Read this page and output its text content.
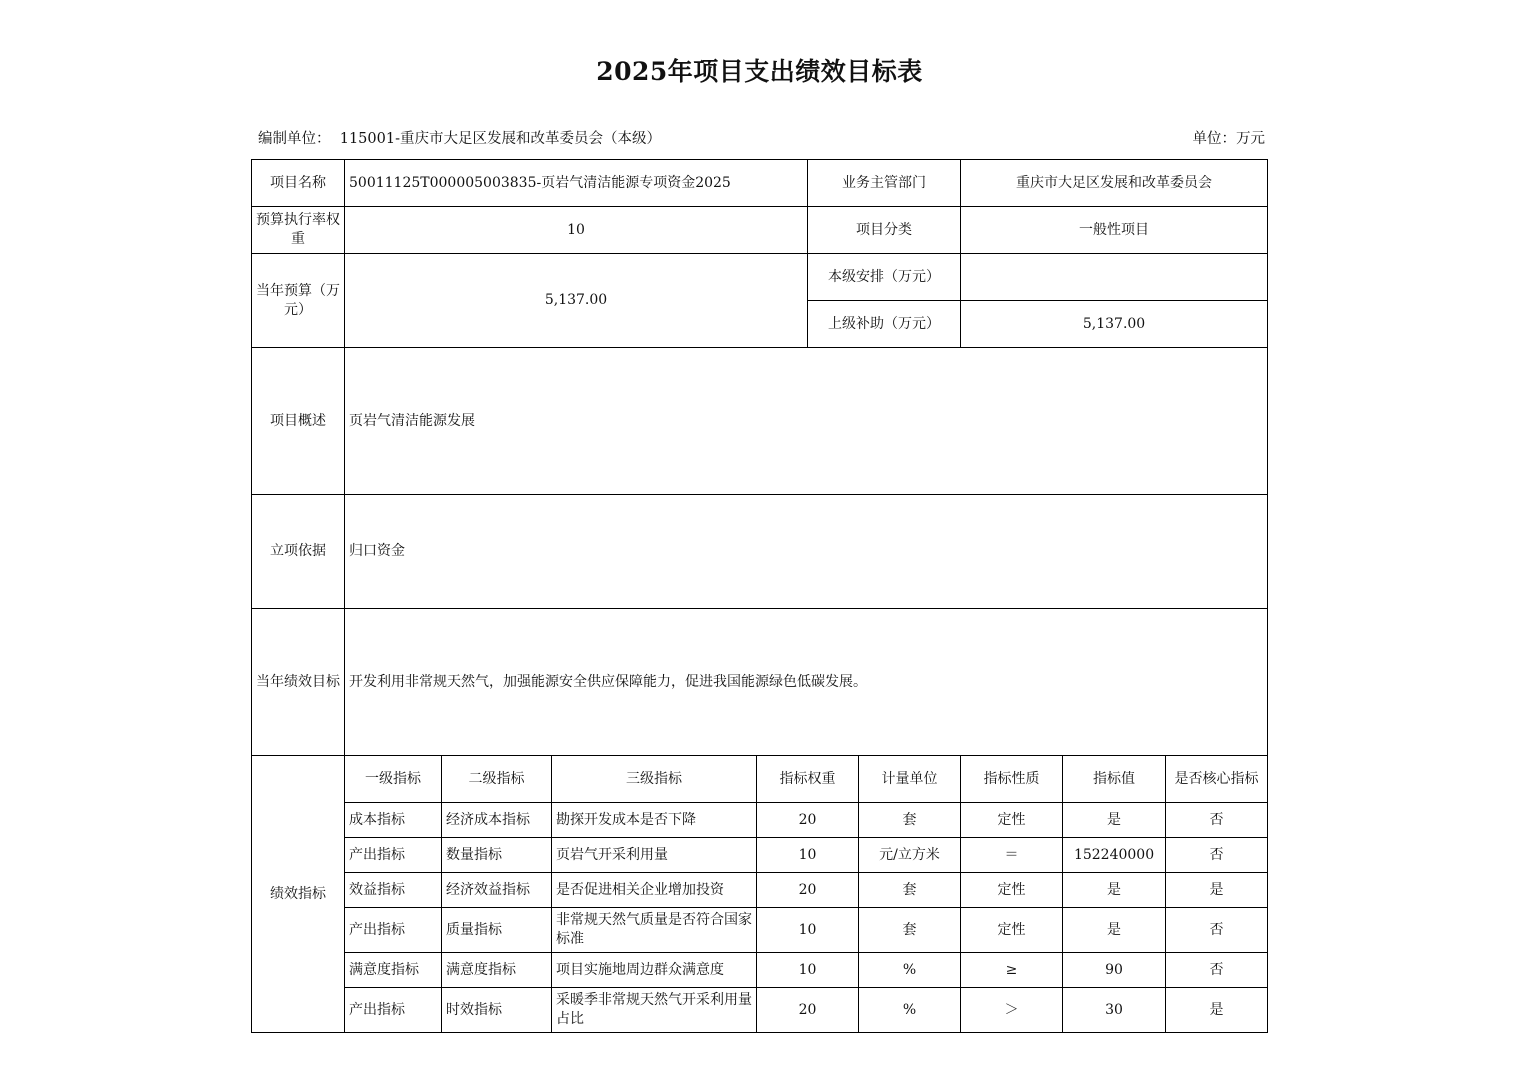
2025年项目支出绩效目标表
编制单位： 115001-重庆市大足区发展和改革委员会（本级）	单位：万元
项目名称	50011125T000005003835-页岩气清洁能源专项资金2025				业务主管部门		重庆市大足区发展和改革委员会		
预算执行率权重	10				项目分类		一般性项目		
当年预算（万元）	5,137.00				本级安排（万元）				
					上级补助（万元）		5,137.00		
项目概述	页岩气清洁能源发展								
立项依据	归口资金								
当年绩效目标	开发利用非常规天然气，加强能源安全供应保障能力，促进我国能源绿色低碳发展。								
绩效指标	一级指标	二级指标	三级指标	指标权重		计量单位	指标性质	指标值	是否核心指标
	成本指标	经济成本指标	勘探开发成本是否下降	20		套	定性	是	否
	产出指标	数量指标	页岩气开采利用量	10		元/立方米	＝	152240000	否
	效益指标	经济效益指标	是否促进相关企业增加投资	20		套	定性	是	是
	产出指标	质量指标	非常规天然气质量是否符合国家标准	10		套	定性	是	否
	满意度指标	满意度指标	项目实施地周边群众满意度	10		%	≥	90	否
	产出指标	时效指标	采暖季非常规天然气开采利用量占比	20		%	＞	30	是
